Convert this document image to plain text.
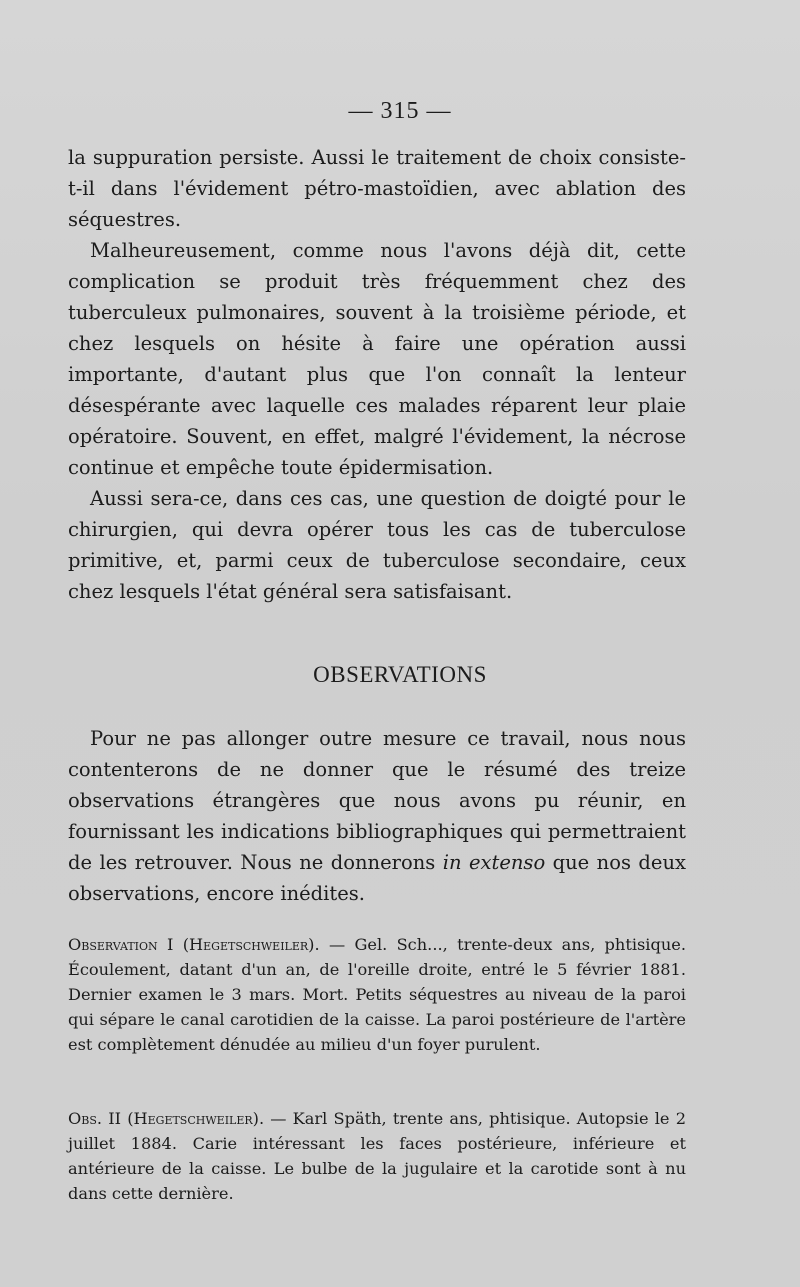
— 315 —

la suppuration persiste. Aussi le traitement de choix consiste-t-il dans l'évidement pétro-mastoïdien, avec ablation des séquestres.

Malheureusement, comme nous l'avons déjà dit, cette complication se produit très fréquemment chez des tuberculeux pulmonaires, souvent à la troisième période, et chez lesquels on hésite à faire une opération aussi importante, d'autant plus que l'on connaît la lenteur désespérante avec laquelle ces malades réparent leur plaie opératoire. Souvent, en effet, malgré l'évidement, la nécrose continue et empêche toute épidermisation.

Aussi sera-ce, dans ces cas, une question de doigté pour le chirurgien, qui devra opérer tous les cas de tuberculose primitive, et, parmi ceux de tuberculose secondaire, ceux chez lesquels l'état général sera satisfaisant.

OBSERVATIONS

Pour ne pas allonger outre mesure ce travail, nous nous contenterons de ne donner que le résumé des treize observations étrangères que nous avons pu réunir, en fournissant les indications bibliographiques qui permettraient de les retrouver. Nous ne donnerons in extenso que nos deux observations, encore inédites.

Observation I (Hegetschweiler). — Gel. Sch..., trente-deux ans, phtisique. Écoulement, datant d'un an, de l'oreille droite, entré le 5 février 1881. Dernier examen le 3 mars. Mort. Petits séquestres au niveau de la paroi qui sépare le canal carotidien de la caisse. La paroi postérieure de l'artère est complètement dénudée au milieu d'un foyer purulent.

Obs. II (Hegetschweiler). — Karl Späth, trente ans, phtisique. Autopsie le 2 juillet 1884. Carie intéressant les faces postérieure, inférieure et antérieure de la caisse. Le bulbe de la jugulaire et la carotide sont à nu dans cette dernière.
